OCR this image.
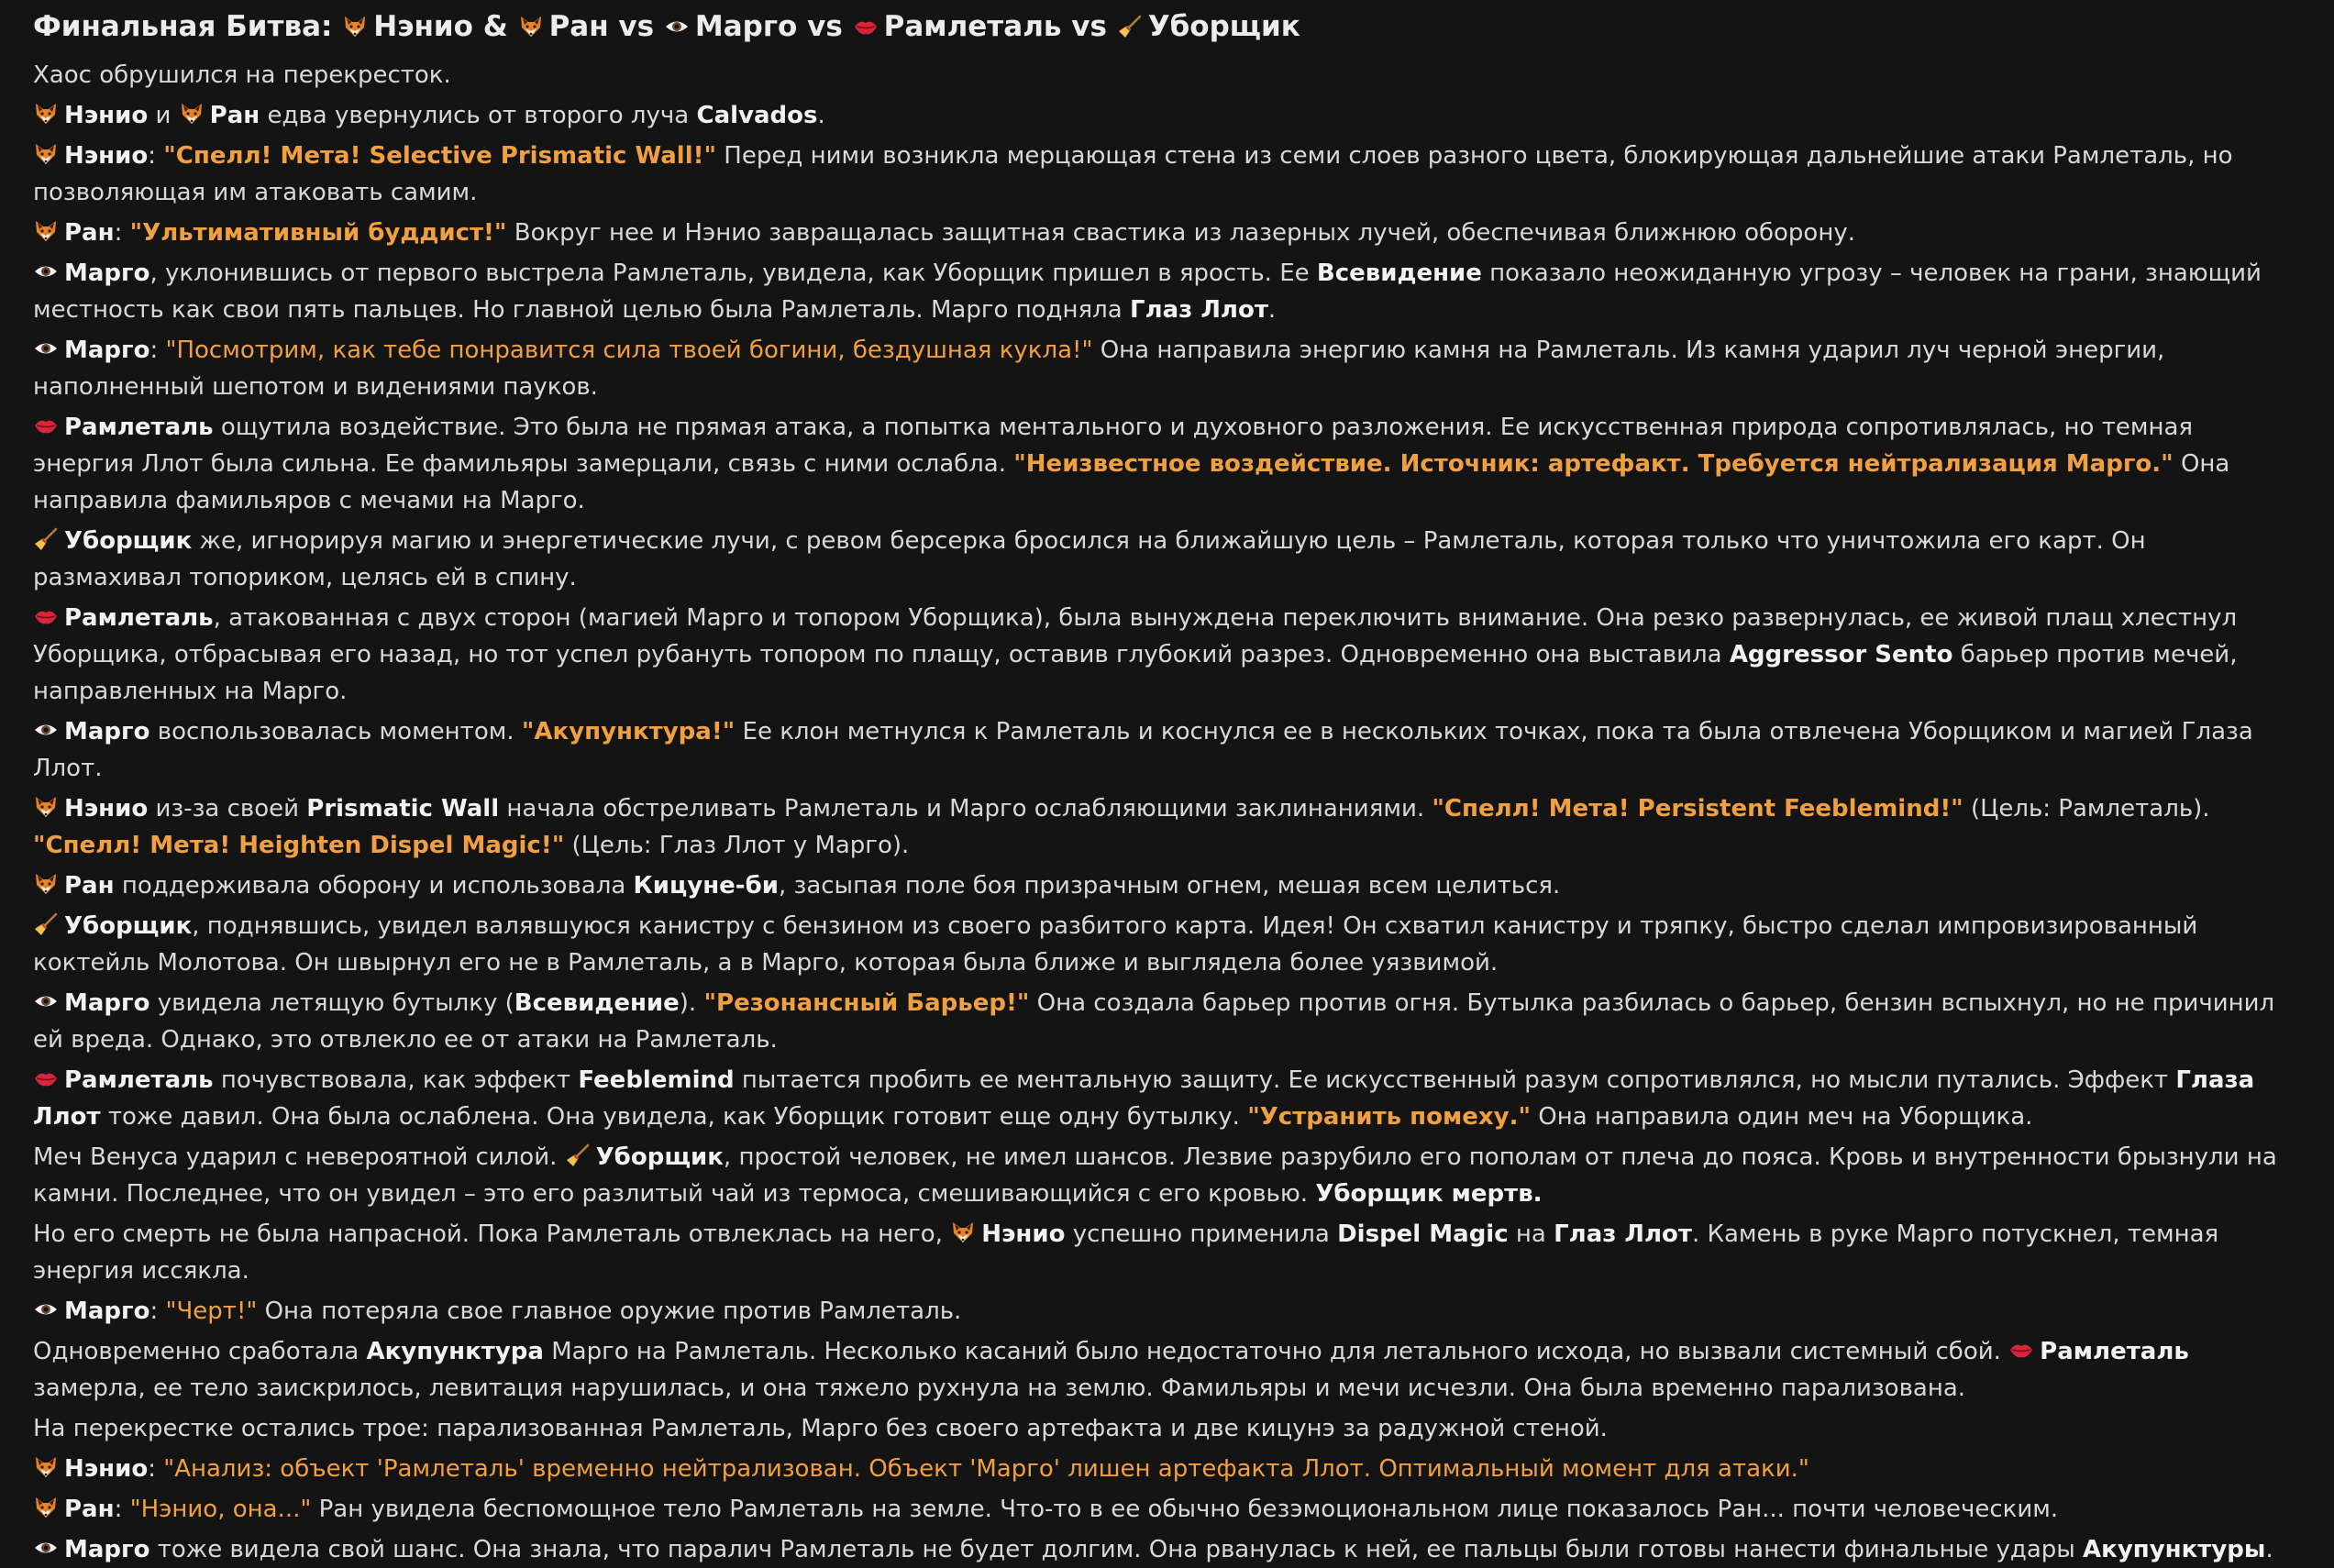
Финальная Битва:
Нэнио &
Ран vs
Марго vs
Рамлеталь vs
Уборщик

Хаос обрушился на перекресток.

Нэнио и
Ран едва увернулись от второго луча Calvados.

Нэнио: "Спелл! Мета! Selective Prismatic Wall!" Перед ними возникла мерцающая стена из семи слоев разного цвета, блокирующая дальнейшие атаки Рамлеталь, но позволяющая им атаковать самим.

Ран: "Ультимативный буддист!" Вокруг нее и Нэнио завращалась защитная свастика из лазерных лучей, обеспечивая ближнюю оборону.

Марго, уклонившись от первого выстрела Рамлеталь, увидела, как Уборщик пришел в ярость. Ее Всевидение показало неожиданную угрозу – человек на грани, знающий местность как свои пять пальцев. Но главной целью была Рамлеталь. Марго подняла Глаз Ллот.

Марго: "Посмотрим, как тебе понравится сила твоей богини, бездушная кукла!" Она направила энергию камня на Рамлеталь. Из камня ударил луч черной энергии, наполненный шепотом и видениями пауков.

Рамлеталь ощутила воздействие. Это была не прямая атака, а попытка ментального и духовного разложения. Ее искусственная природа сопротивлялась, но темная энергия Ллот была сильна. Ее фамильяры замерцали, связь с ними ослабла. "Неизвестное воздействие. Источник: артефакт. Требуется нейтрализация Марго." Она направила фамильяров с мечами на Марго.

Уборщик же, игнорируя магию и энергетические лучи, с ревом берсерка бросился на ближайшую цель – Рамлеталь, которая только что уничтожила его карт. Он размахивал топориком, целясь ей в спину.

Рамлеталь, атакованная с двух сторон (магией Марго и топором Уборщика), была вынуждена переключить внимание. Она резко развернулась, ее живой плащ хлестнул Уборщика, отбрасывая его назад, но тот успел рубануть топором по плащу, оставив глубокий разрез. Одновременно она выставила Aggressor Sento барьер против мечей, направленных на Марго.

Марго воспользовалась моментом. "Акупунктура!" Ее клон метнулся к Рамлеталь и коснулся ее в нескольких точках, пока та была отвлечена Уборщиком и магией Глаза Ллот.

Нэнио из-за своей Prismatic Wall начала обстреливать Рамлеталь и Марго ослабляющими заклинаниями. "Спелл! Мета! Persistent Feeblemind!" (Цель: Рамлеталь). "Спелл! Мета! Heighten Dispel Magic!" (Цель: Глаз Ллот у Марго).

Ран поддерживала оборону и использовала Кицуне-би, засыпая поле боя призрачным огнем, мешая всем целиться.

Уборщик, поднявшись, увидел валявшуюся канистру с бензином из своего разбитого карта. Идея! Он схватил канистру и тряпку, быстро сделал импровизированный коктейль Молотова. Он швырнул его не в Рамлеталь, а в Марго, которая была ближе и выглядела более уязвимой.

Марго увидела летящую бутылку (Всевидение). "Резонансный Барьер!" Она создала барьер против огня. Бутылка разбилась о барьер, бензин вспыхнул, но не причинил ей вреда. Однако, это отвлекло ее от атаки на Рамлеталь.

Рамлеталь почувствовала, как эффект Feeblemind пытается пробить ее ментальную защиту. Ее искусственный разум сопротивлялся, но мысли путались. Эффект Глаза Ллот тоже давил. Она была ослаблена. Она увидела, как Уборщик готовит еще одну бутылку. "Устранить помеху." Она направила один меч на Уборщика.

Меч Венуса ударил с невероятной силой.
Уборщик, простой человек, не имел шансов. Лезвие разрубило его пополам от плеча до пояса. Кровь и внутренности брызнули на камни. Последнее, что он увидел – это его разлитый чай из термоса, смешивающийся с его кровью. Уборщик мертв.

Но его смерть не была напрасной. Пока Рамлеталь отвлеклась на него,
Нэнио успешно применила Dispel Magic на Глаз Ллот. Камень в руке Марго потускнел, темная энергия иссякла.

Марго: "Черт!" Она потеряла свое главное оружие против Рамлеталь.

Одновременно сработала Акупунктура Марго на Рамлеталь. Несколько касаний было недостаточно для летального исхода, но вызвали системный сбой.
Рамлеталь замерла, ее тело заискрилось, левитация нарушилась, и она тяжело рухнула на землю. Фамильяры и мечи исчезли. Она была временно парализована.

На перекрестке остались трое: парализованная Рамлеталь, Марго без своего артефакта и две кицунэ за радужной стеной.

Нэнио: "Анализ: объект 'Рамлеталь' временно нейтрализован. Объект 'Марго' лишен артефакта Ллот. Оптимальный момент для атаки."

Ран: "Нэнио, она..." Ран увидела беспомощное тело Рамлеталь на земле. Что-то в ее обычно безэмоциональном лице показалось Ран... почти человеческим.

Марго тоже видела свой шанс. Она знала, что паралич Рамлеталь не будет долгим. Она рванулась к ней, ее пальцы были готовы нанести финальные удары Акупунктуры.
